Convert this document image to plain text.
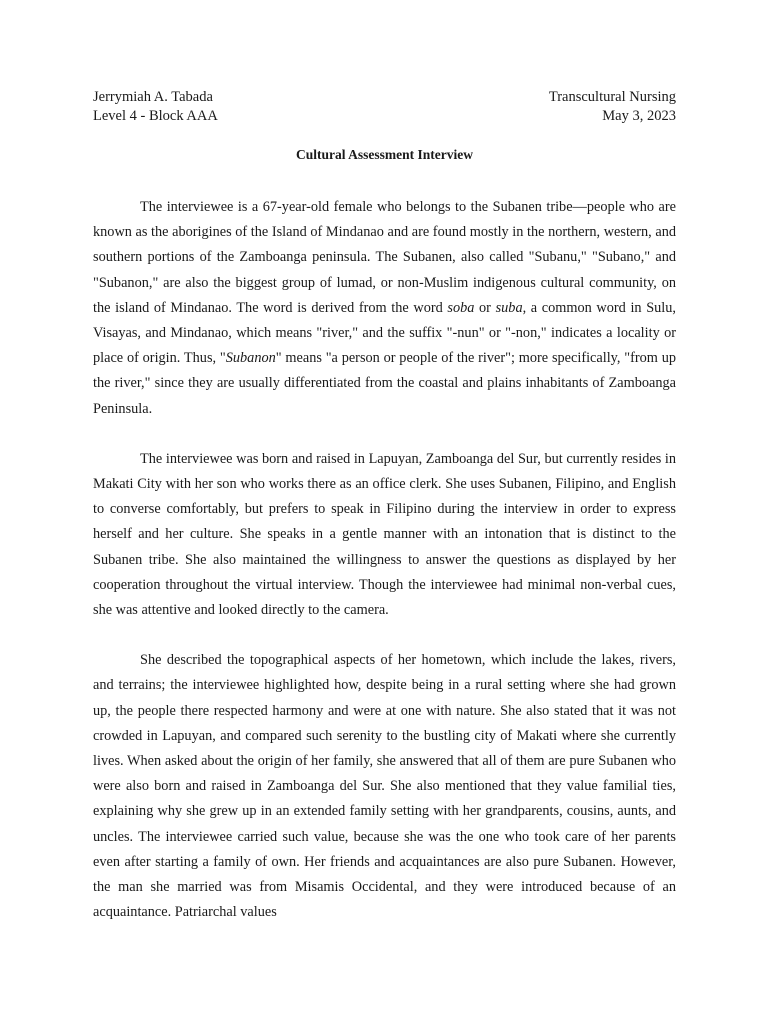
Jerrymiah A. Tabada	Transcultural Nursing
Level 4 - Block AAA	May 3, 2023
Cultural Assessment Interview

The interviewee is a 67-year-old female who belongs to the Subanen tribe—people who are known as the aborigines of the Island of Mindanao and are found mostly in the northern, western, and southern portions of the Zamboanga peninsula. The Subanen, also called "Subanu," "Subano," and "Subanon," are also the biggest group of lumad, or non-Muslim indigenous cultural community, on the island of Mindanao. The word is derived from the word soba or suba, a common word in Sulu, Visayas, and Mindanao, which means "river," and the suffix "-nun" or "-non," indicates a locality or place of origin. Thus, "Subanon" means "a person or people of the river"; more specifically, "from up the river," since they are usually differentiated from the coastal and plains inhabitants of Zamboanga Peninsula.

The interviewee was born and raised in Lapuyan, Zamboanga del Sur, but currently resides in Makati City with her son who works there as an office clerk. She uses Subanen, Filipino, and English to converse comfortably, but prefers to speak in Filipino during the interview in order to express herself and her culture. She speaks in a gentle manner with an intonation that is distinct to the Subanen tribe. She also maintained the willingness to answer the questions as displayed by her cooperation throughout the virtual interview. Though the interviewee had minimal non-verbal cues, she was attentive and looked directly to the camera.

She described the topographical aspects of her hometown, which include the lakes, rivers, and terrains; the interviewee highlighted how, despite being in a rural setting where she had grown up, the people there respected harmony and were at one with nature. She also stated that it was not crowded in Lapuyan, and compared such serenity to the bustling city of Makati where she currently lives. When asked about the origin of her family, she answered that all of them are pure Subanen who were also born and raised in Zamboanga del Sur. She also mentioned that they value familial ties, explaining why she grew up in an extended family setting with her grandparents, cousins, aunts, and uncles. The interviewee carried such value, because she was the one who took care of her parents even after starting a family of own. Her friends and acquaintances are also pure Subanen. However, the man she married was from Misamis Occidental, and they were introduced because of an acquaintance. Patriarchal values
